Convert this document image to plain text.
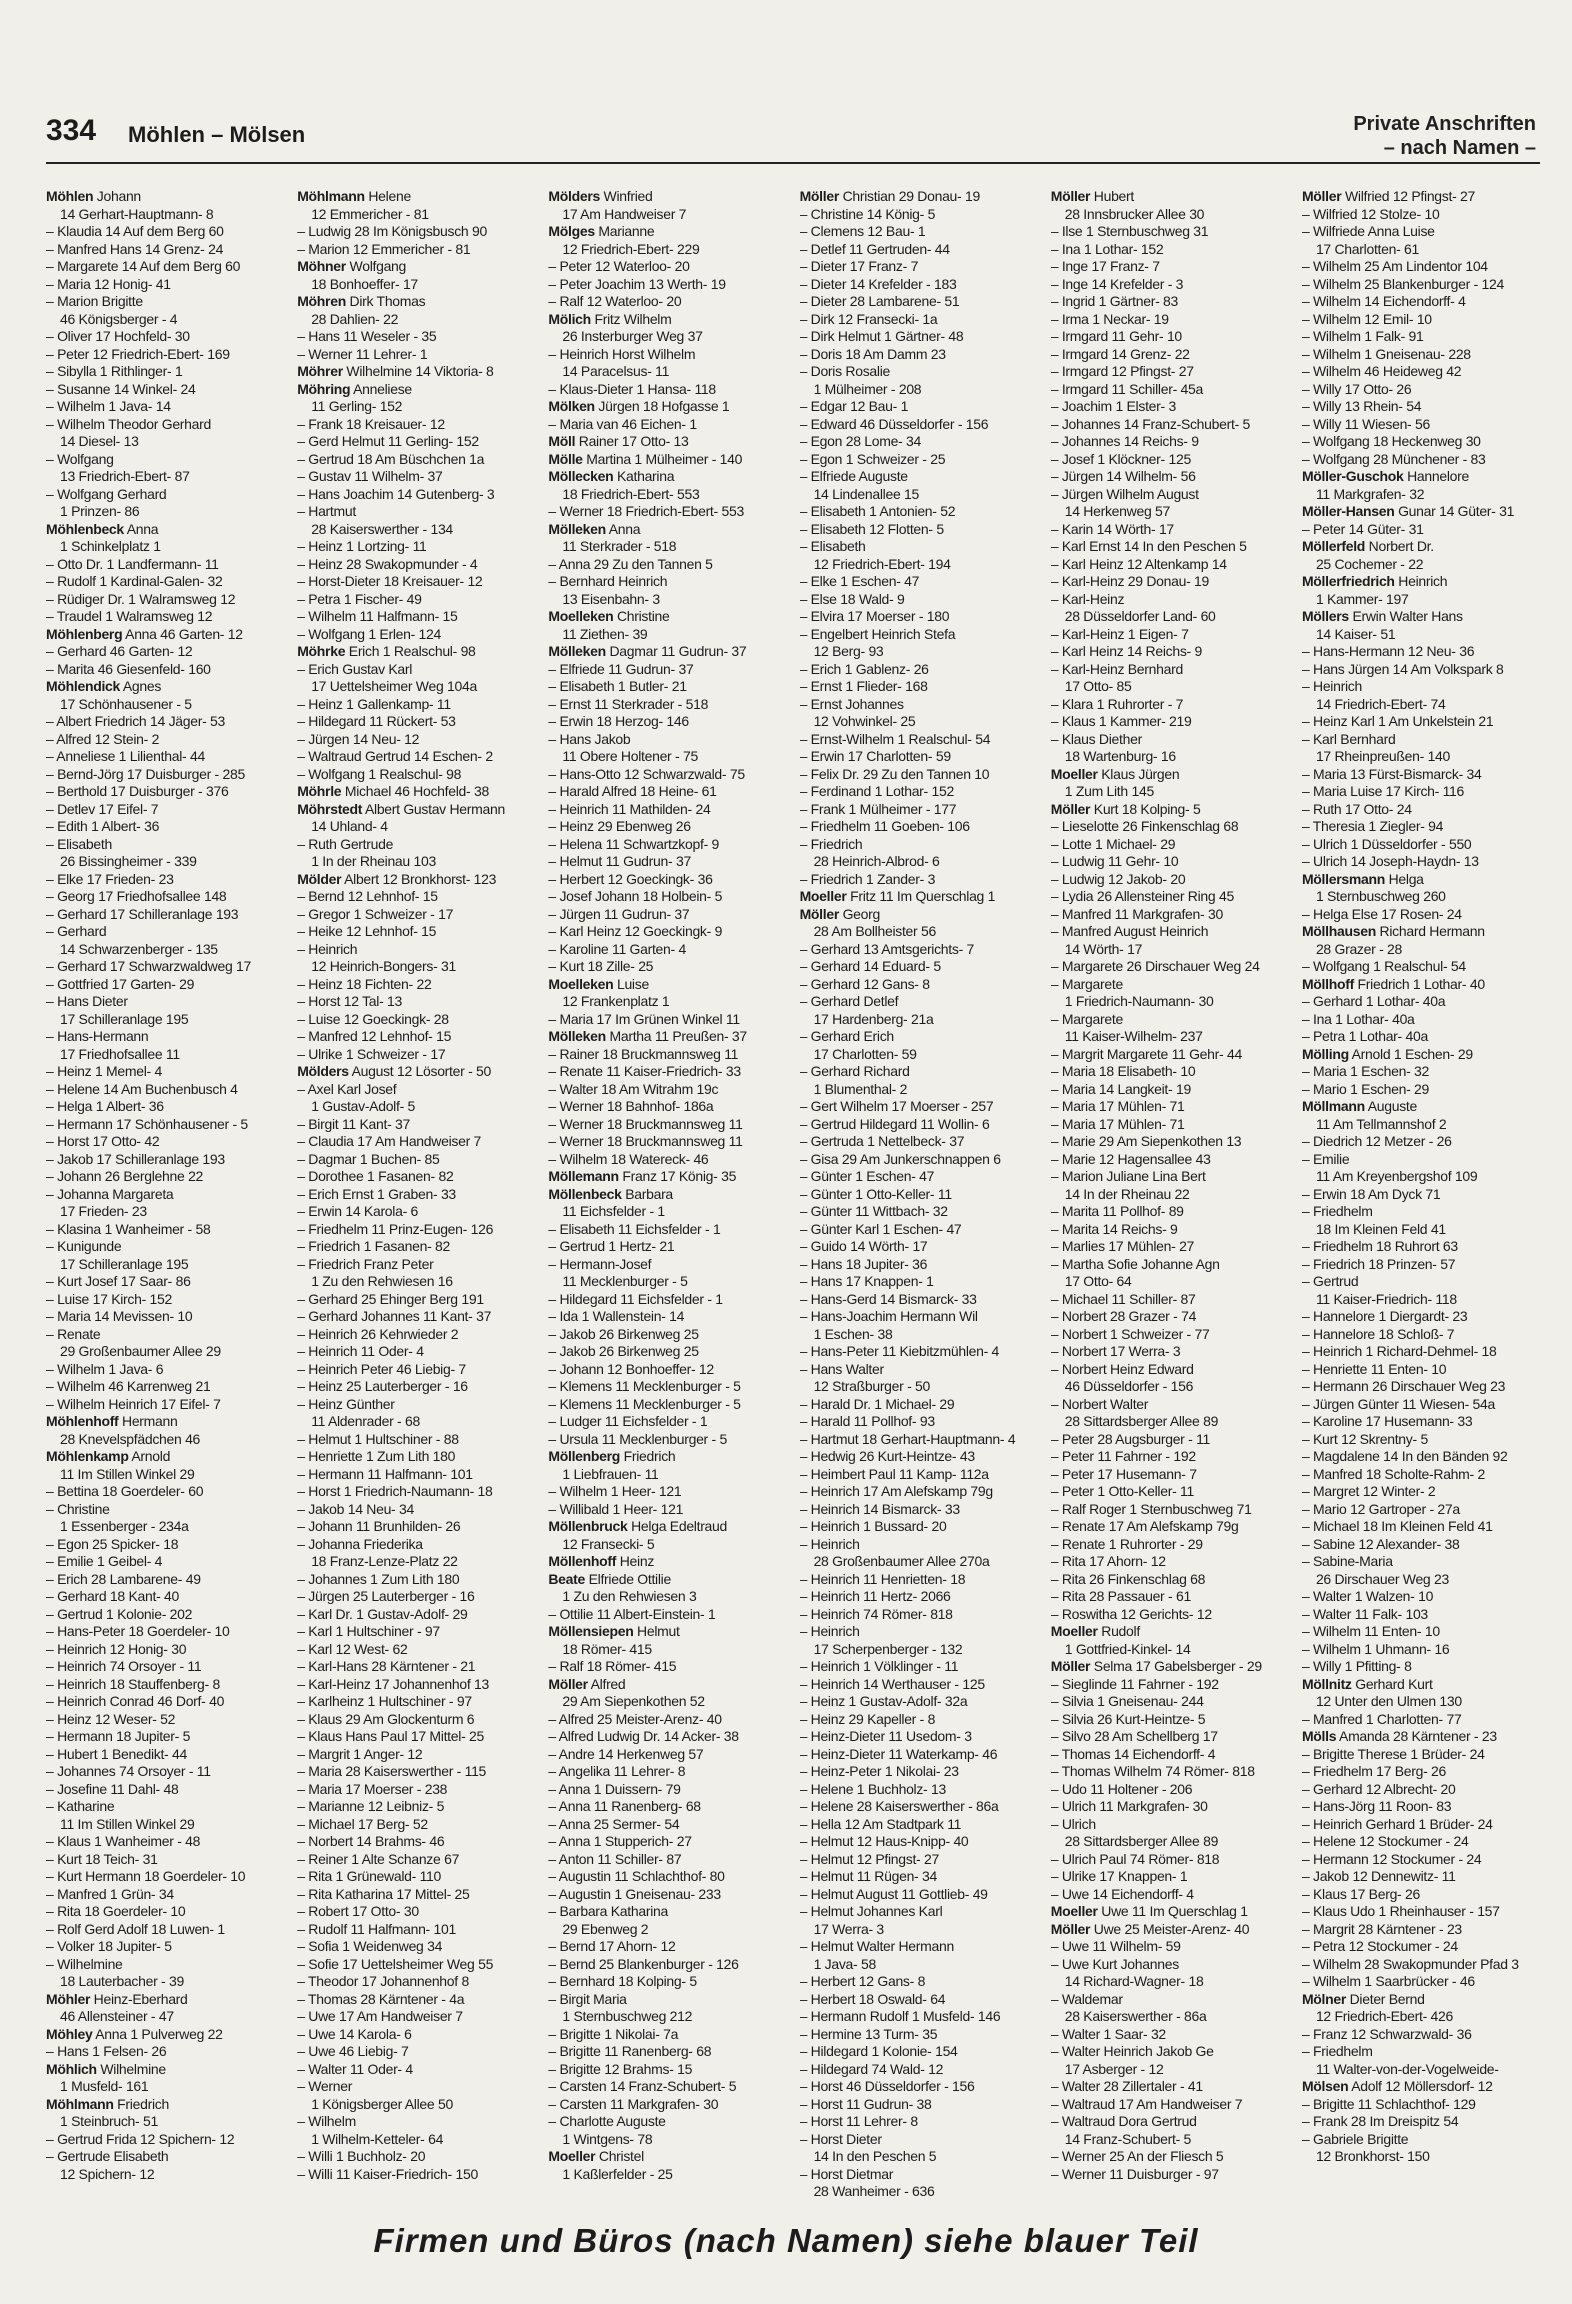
334 Möhlen – Mölsen	Private Anschriften
– nach Namen –
Möhlen Johann
14 Gerhart-Hauptmann- 8
– Klaudia 14 Auf dem Berg 60
– Manfred Hans 14 Grenz- 24
– Margarete 14 Auf dem Berg 60
– Maria 12 Honig- 41
– Marion Brigitte
46 Königsberger - 4
– Oliver 17 Hochfeld- 30
– Peter 12 Friedrich-Ebert- 169
– Sibylla 1 Rithlinger- 1
– Susanne 14 Winkel- 24
– Wilhelm 1 Java- 14
– Wilhelm Theodor Gerhard
14 Diesel- 13
– Wolfgang
13 Friedrich-Ebert- 87
– Wolfgang Gerhard
1 Prinzen- 86
Möhlenbeck Anna
1 Schinkelplatz 1
– Otto Dr. 1 Landfermann- 11
– Rudolf 1 Kardinal-Galen- 32
– Rüdiger Dr. 1 Walramsweg 12
– Traudel 1 Walramsweg 12
Möhlenberg Anna 46 Garten- 12
– Gerhard 46 Garten- 12
– Marita 46 Giesenfeld- 160
Möhlendick Agnes
17 Schönhausener - 5
– Albert Friedrich 14 Jäger- 53
– Alfred 12 Stein- 2
– Anneliese 1 Lilienthal- 44
– Bernd-Jörg 17 Duisburger - 285
– Berthold 17 Duisburger - 376
– Detlev 17 Eifel- 7
– Edith 1 Albert- 36
– Elisabeth
26 Bissingheimer - 339
– Elke 17 Frieden- 23
– Georg 17 Friedhofsallee 148
– Gerhard 17 Schilleranlage 193
– Gerhard
14 Schwarzenberger - 135
– Gerhard 17 Schwarzwaldweg 17
– Gottfried 17 Garten- 29
– Hans Dieter
17 Schilleranlage 195
– Hans-Hermann
17 Friedhofsallee 11
– Heinz 1 Memel- 4
– Helene 14 Am Buchenbusch 4
– Helga 1 Albert- 36
– Hermann 17 Schönhausener - 5
– Horst 17 Otto- 42
– Jakob 17 Schilleranlage 193
– Johann 26 Berglehne 22
– Johanna Margareta
17 Frieden- 23
– Klasina 1 Wanheimer - 58
– Kunigunde
17 Schilleranlage 195
– Kurt Josef 17 Saar- 86
– Luise 17 Kirch- 152
– Maria 14 Mevissen- 10
– Renate
29 Großenbaumer Allee 29
– Wilhelm 1 Java- 6
– Wilhelm 46 Karrenweg 21
– Wilhelm Heinrich 17 Eifel- 7
Möhlenhoff Hermann
28 Knevelspfädchen 46
Möhlenkamp Arnold
11 Im Stillen Winkel 29
– Bettina 18 Goerdeler- 60
– Christine
1 Essenberger - 234a
– Egon 25 Spicker- 18
– Emilie 1 Geibel- 4
– Erich 28 Lambarene- 49
– Gerhard 18 Kant- 40
– Gertrud 1 Kolonie- 202
– Hans-Peter 18 Goerdeler- 10
– Heinrich 12 Honig- 30
– Heinrich 74 Orsoyer - 11
– Heinrich 18 Stauffenberg- 8
– Heinrich Conrad 46 Dorf- 40
– Heinz 12 Weser- 52
– Hermann 18 Jupiter- 5
– Hubert 1 Benedikt- 44
– Johannes 74 Orsoyer - 11
– Josefine 11 Dahl- 48
– Katharine
11 Im Stillen Winkel 29
– Klaus 1 Wanheimer - 48
– Kurt 18 Teich- 31
– Kurt Hermann 18 Goerdeler- 10
– Manfred 1 Grün- 34
– Rita 18 Goerdeler- 10
– Rolf Gerd Adolf 18 Luwen- 1
– Volker 18 Jupiter- 5
– Wilhelmine
18 Lauterbacher - 39
Möhler Heinz-Eberhard
46 Allensteiner - 47
Möhley Anna 1 Pulverweg 22
– Hans 1 Felsen- 26
Möhlich Wilhelmine
1 Musfeld- 161
Möhlmann Friedrich
1 Steinbruch- 51
– Gertrud Frida 12 Spichern- 12
– Gertrude Elisabeth
12 Spichern- 12
Möhlmann Helene
12 Emmericher - 81
– Ludwig 28 Im Königsbusch 90
– Marion 12 Emmericher - 81
Möhner Wolfgang
18 Bonhoeffer- 17
Möhren Dirk Thomas
28 Dahlien- 22
– Hans 11 Weseler - 35
– Werner 11 Lehrer- 1
Möhrer Wilhelmine 14 Viktoria- 8
Möhring Anneliese
11 Gerling- 152
– Frank 18 Kreisauer- 12
– Gerd Helmut 11 Gerling- 152
– Gertrud 18 Am Büschchen 1a
– Gustav 11 Wilhelm- 37
– Hans Joachim 14 Gutenberg- 3
– Hartmut
28 Kaiserswerther - 134
– Heinz 1 Lortzing- 11
– Heinz 28 Swakopmunder - 4
– Horst-Dieter 18 Kreisauer- 12
– Petra 1 Fischer- 49
– Wilhelm 11 Halfmann- 15
– Wolfgang 1 Erlen- 124
Möhrke Erich 1 Realschul- 98
– Erich Gustav Karl
17 Uettelsheimer Weg 104a
– Heinz 1 Gallenkamp- 11
– Hildegard 11 Rückert- 53
– Jürgen 14 Neu- 12
– Waltraud Gertrud 14 Eschen- 2
– Wolfgang 1 Realschul- 98
Möhrle Michael 46 Hochfeld- 38
Möhrstedt Albert Gustav Hermann
14 Uhland- 4
– Ruth Gertrude
1 In der Rheinau 103
Mölder Albert 12 Bronkhorst- 123
– Bernd 12 Lehnhof- 15
– Gregor 1 Schweizer - 17
– Heike 12 Lehnhof- 15
– Heinrich
12 Heinrich-Bongers- 31
– Heinz 18 Fichten- 22
– Horst 12 Tal- 13
– Luise 12 Goeckingk- 28
– Manfred 12 Lehnhof- 15
– Ulrike 1 Schweizer - 17
Mölders August 12 Lösorter - 50
– Axel Karl Josef
1 Gustav-Adolf- 5
– Birgit 11 Kant- 37
– Claudia 17 Am Handweiser 7
– Dagmar 1 Buchen- 85
– Dorothee 1 Fasanen- 82
– Erich Ernst 1 Graben- 33
– Erwin 14 Karola- 6
– Friedhelm 11 Prinz-Eugen- 126
– Friedrich 1 Fasanen- 82
– Friedrich Franz Peter
1 Zu den Rehwiesen 16
– Gerhard 25 Ehinger Berg 191
– Gerhard Johannes 11 Kant- 37
– Heinrich 26 Kehrwieder 2
– Heinrich 11 Oder- 4
– Heinrich Peter 46 Liebig- 7
– Heinz 25 Lauterberger - 16
– Heinz Günther
11 Aldenrader - 68
– Helmut 1 Hultschiner - 88
– Henriette 1 Zum Lith 180
– Hermann 11 Halfmann- 101
– Horst 1 Friedrich-Naumann- 18
– Jakob 14 Neu- 34
– Johann 11 Brunhilden- 26
– Johanna Friederika
18 Franz-Lenze-Platz 22
– Johannes 1 Zum Lith 180
– Jürgen 25 Lauterberger - 16
– Karl Dr. 1 Gustav-Adolf- 29
– Karl 1 Hultschiner - 97
– Karl 12 West- 62
– Karl-Hans 28 Kärntener - 21
– Karl-Heinz 17 Johannenhof 13
– Karlheinz 1 Hultschiner - 97
– Klaus 29 Am Glockenturm 6
– Klaus Hans Paul 17 Mittel- 25
– Margrit 1 Anger- 12
– Maria 28 Kaiserswerther - 115
– Maria 17 Moerser - 238
– Marianne 12 Leibniz- 5
– Michael 17 Berg- 52
– Norbert 14 Brahms- 46
– Reiner 1 Alte Schanze 67
– Rita 1 Grünewald- 110
– Rita Katharina 17 Mittel- 25
– Robert 17 Otto- 30
– Rudolf 11 Halfmann- 101
– Sofia 1 Weidenweg 34
– Sofie 17 Uettelsheimer Weg 55
– Theodor 17 Johannenhof 8
– Thomas 28 Kärntener - 4a
– Uwe 17 Am Handweiser 7
– Uwe 14 Karola- 6
– Uwe 46 Liebig- 7
– Walter 11 Oder- 4
– Werner
1 Königsberger Allee 50
– Wilhelm
1 Wilhelm-Ketteler- 64
– Willi 1 Buchholz- 20
– Willi 11 Kaiser-Friedrich- 150
Mölders Winfried
17 Am Handweiser 7
Mölges Marianne
12 Friedrich-Ebert- 229
– Peter 12 Waterloo- 20
– Peter Joachim 13 Werth- 19
– Ralf 12 Waterloo- 20
Mölich Fritz Wilhelm
26 Insterburger Weg 37
– Heinrich Horst Wilhelm
14 Paracelsus- 11
– Klaus-Dieter 1 Hansa- 118
Mölken Jürgen 18 Hofgasse 1
– Maria van 46 Eichen- 1
Möll Rainer 17 Otto- 13
Mölle Martina 1 Mülheimer - 140
Möllecken Katharina
18 Friedrich-Ebert- 553
– Werner 18 Friedrich-Ebert- 553
Mölleken Anna
11 Sterkrader - 518
– Anna 29 Zu den Tannen 5
– Bernhard Heinrich
13 Eisenbahn- 3
Moelleken Christine
11 Ziethen- 39
Mölleken Dagmar 11 Gudrun- 37
– Elfriede 11 Gudrun- 37
– Elisabeth 1 Butler- 21
– Ernst 11 Sterkrader - 518
– Erwin 18 Herzog- 146
– Hans Jakob
11 Obere Holtener - 75
– Hans-Otto 12 Schwarzwald- 75
– Harald Alfred 18 Heine- 61
– Heinrich 11 Mathilden- 24
– Heinz 29 Ebenweg 26
– Helena 11 Schwartzkopf- 9
– Helmut 11 Gudrun- 37
– Herbert 12 Goeckingk- 36
– Josef Johann 18 Holbein- 5
– Jürgen 11 Gudrun- 37
– Karl Heinz 12 Goeckingk- 9
– Karoline 11 Garten- 4
– Kurt 18 Zille- 25
Moelleken Luise
12 Frankenplatz 1
– Maria 17 Im Grünen Winkel 11
Mölleken Martha 11 Preußen- 37
– Rainer 18 Bruckmannsweg 11
– Renate 11 Kaiser-Friedrich- 33
– Walter 18 Am Witrahm 19c
– Werner 18 Bahnhof- 186a
– Werner 18 Bruckmannsweg 11
– Werner 18 Bruckmannsweg 11
– Wilhelm 18 Watereck- 46
Möllemann Franz 17 König- 35
Möllenbeck Barbara
11 Eichsfelder - 1
– Elisabeth 11 Eichsfelder - 1
– Gertrud 1 Hertz- 21
– Hermann-Josef
11 Mecklenburger - 5
– Hildegard 11 Eichsfelder - 1
– Ida 1 Wallenstein- 14
– Jakob 26 Birkenweg 25
– Jakob 26 Birkenweg 25
– Johann 12 Bonhoeffer- 12
– Klemens 11 Mecklenburger - 5
– Klemens 11 Mecklenburger - 5
– Ludger 11 Eichsfelder - 1
– Ursula 11 Mecklenburger - 5
Möllenberg Friedrich
1 Liebfrauen- 11
– Wilhelm 1 Heer- 121
– Willibald 1 Heer- 121
Möllenbruck Helga Edeltraud
12 Fransecki- 5
Möllenhoff Heinz
Beate Elfriede Ottilie
1 Zu den Rehwiesen 3
– Ottilie 11 Albert-Einstein- 1
Möllensiepen Helmut
18 Römer- 415
– Ralf 18 Römer- 415
Möller Alfred
29 Am Siepenkothen 52
– Alfred 25 Meister-Arenz- 40
– Alfred Ludwig Dr. 14 Acker- 38
– Andre 14 Herkenweg 57
– Angelika 11 Lehrer- 8
– Anna 1 Duissern- 79
– Anna 11 Ranenberg- 68
– Anna 25 Sermer- 54
– Anna 1 Stupperich- 27
– Anton 11 Schiller- 87
– Augustin 11 Schlachthof- 80
– Augustin 1 Gneisenau- 233
– Barbara Katharina
29 Ebenweg 2
– Bernd 17 Ahorn- 12
– Bernd 25 Blankenburger - 126
– Bernhard 18 Kolping- 5
– Birgit Maria
1 Sternbuschweg 212
– Brigitte 1 Nikolai- 7a
– Brigitte 11 Ranenberg- 68
– Brigitte 12 Brahms- 15
– Carsten 14 Franz-Schubert- 5
– Carsten 11 Markgrafen- 30
– Charlotte Auguste
1 Wintgens- 78
Moeller Christel
1 Kaßlerfelder - 25
Möller Christian 29 Donau- 19
– Christine 14 König- 5
– Clemens 12 Bau- 1
– Detlef 11 Gertruden- 44
– Dieter 17 Franz- 7
– Dieter 14 Krefelder - 183
– Dieter 28 Lambarene- 51
– Dirk 12 Fransecki- 1a
– Dirk Helmut 1 Gärtner- 48
– Doris 18 Am Damm 23
– Doris Rosalie
1 Mülheimer - 208
– Edgar 12 Bau- 1
– Edward 46 Düsseldorfer - 156
– Egon 28 Lome- 34
– Egon 1 Schweizer - 25
– Elfriede Auguste
14 Lindenallee 15
– Elisabeth 1 Antonien- 52
– Elisabeth 12 Flotten- 5
– Elisabeth
12 Friedrich-Ebert- 194
– Elke 1 Eschen- 47
– Else 18 Wald- 9
– Elvira 17 Moerser - 180
– Engelbert Heinrich Stefa
12 Berg- 93
– Erich 1 Gablenz- 26
– Ernst 1 Flieder- 168
– Ernst Johannes
12 Vohwinkel- 25
– Ernst-Wilhelm 1 Realschul- 54
– Erwin 17 Charlotten- 59
– Felix Dr. 29 Zu den Tannen 10
– Ferdinand 1 Lothar- 152
– Frank 1 Mülheimer - 177
– Friedhelm 11 Goeben- 106
– Friedrich
28 Heinrich-Albrod- 6
– Friedrich 1 Zander- 3
Moeller Fritz 11 Im Querschlag 1
Möller Georg
28 Am Bollheister 56
– Gerhard 13 Amtsgerichts- 7
– Gerhard 14 Eduard- 5
– Gerhard 12 Gans- 8
– Gerhard Detlef
17 Hardenberg- 21a
– Gerhard Erich
17 Charlotten- 59
– Gerhard Richard
1 Blumenthal- 2
– Gert Wilhelm 17 Moerser - 257
– Gertrud Hildegard 11 Wollin- 6
– Gertruda 1 Nettelbeck- 37
– Gisa 29 Am Junkerschnappen 6
– Günter 1 Eschen- 47
– Günter 1 Otto-Keller- 11
– Günter 11 Wittbach- 32
– Günter Karl 1 Eschen- 47
– Guido 14 Wörth- 17
– Hans 18 Jupiter- 36
– Hans 17 Knappen- 1
– Hans-Gerd 14 Bismarck- 33
– Hans-Joachim Hermann Wil
1 Eschen- 38
– Hans-Peter 11 Kiebitzmühlen- 4
– Hans Walter
12 Straßburger - 50
– Harald Dr. 1 Michael- 29
– Harald 11 Pollhof- 93
– Hartmut 18 Gerhart-Hauptmann- 4
– Hedwig 26 Kurt-Heintze- 43
– Heimbert Paul 11 Kamp- 112a
– Heinrich 17 Am Alefskamp 79g
– Heinrich 14 Bismarck- 33
– Heinrich 1 Bussard- 20
– Heinrich
28 Großenbaumer Allee 270a
– Heinrich 11 Henrietten- 18
– Heinrich 11 Hertz- 2066
– Heinrich 74 Römer- 818
– Heinrich
17 Scherpenberger - 132
– Heinrich 1 Völklinger - 11
– Heinrich 14 Werthauser - 125
– Heinz 1 Gustav-Adolf- 32a
– Heinz 29 Kapeller - 8
– Heinz-Dieter 11 Usedom- 3
– Heinz-Dieter 11 Waterkamp- 46
– Heinz-Peter 1 Nikolai- 23
– Helene 1 Buchholz- 13
– Helene 28 Kaiserswerther - 86a
– Hella 12 Am Stadtpark 11
– Helmut 12 Haus-Knipp- 40
– Helmut 12 Pfingst- 27
– Helmut 11 Rügen- 34
– Helmut August 11 Gottlieb- 49
– Helmut Johannes Karl
17 Werra- 3
– Helmut Walter Hermann
1 Java- 58
– Herbert 12 Gans- 8
– Herbert 18 Oswald- 64
– Hermann Rudolf 1 Musfeld- 146
– Hermine 13 Turm- 35
– Hildegard 1 Kolonie- 154
– Hildegard 74 Wald- 12
– Horst 46 Düsseldorfer - 156
– Horst 11 Gudrun- 38
– Horst 11 Lehrer- 8
– Horst Dieter
14 In den Peschen 5
– Horst Dietmar
28 Wanheimer - 636
Möller Hubert
28 Innsbrucker Allee 30
– Ilse 1 Sternbuschweg 31
– Ina 1 Lothar- 152
– Inge 17 Franz- 7
– Inge 14 Krefelder - 3
– Ingrid 1 Gärtner- 83
– Irma 1 Neckar- 19
– Irmgard 11 Gehr- 10
– Irmgard 14 Grenz- 22
– Irmgard 12 Pfingst- 27
– Irmgard 11 Schiller- 45a
– Joachim 1 Elster- 3
– Johannes 14 Franz-Schubert- 5
– Johannes 14 Reichs- 9
– Josef 1 Klöckner- 125
– Jürgen 14 Wilhelm- 56
– Jürgen Wilhelm August
14 Herkenweg 57
– Karin 14 Wörth- 17
– Karl Ernst 14 In den Peschen 5
– Karl Heinz 12 Altenkamp 14
– Karl-Heinz 29 Donau- 19
– Karl-Heinz
28 Düsseldorfer Land- 60
– Karl-Heinz 1 Eigen- 7
– Karl Heinz 14 Reichs- 9
– Karl-Heinz Bernhard
17 Otto- 85
– Klara 1 Ruhrorter - 7
– Klaus 1 Kammer- 219
– Klaus Diether
18 Wartenburg- 16
Moeller Klaus Jürgen
1 Zum Lith 145
Möller Kurt 18 Kolping- 5
– Lieselotte 26 Finkenschlag 68
– Lotte 1 Michael- 29
– Ludwig 11 Gehr- 10
– Ludwig 12 Jakob- 20
– Lydia 26 Allensteiner Ring 45
– Manfred 11 Markgrafen- 30
– Manfred August Heinrich
14 Wörth- 17
– Margarete 26 Dirschauer Weg 24
– Margarete
1 Friedrich-Naumann- 30
– Margarete
11 Kaiser-Wilhelm- 237
– Margrit Margarete 11 Gehr- 44
– Maria 18 Elisabeth- 10
– Maria 14 Langkeit- 19
– Maria 17 Mühlen- 71
– Maria 17 Mühlen- 71
– Marie 29 Am Siepenkothen 13
– Marie 12 Hagensallee 43
– Marion Juliane Lina Bert
14 In der Rheinau 22
– Marita 11 Pollhof- 89
– Marita 14 Reichs- 9
– Marlies 17 Mühlen- 27
– Martha Sofie Johanne Agn
17 Otto- 64
– Michael 11 Schiller- 87
– Norbert 28 Grazer - 74
– Norbert 1 Schweizer - 77
– Norbert 17 Werra- 3
– Norbert Heinz Edward
46 Düsseldorfer - 156
– Norbert Walter
28 Sittardsberger Allee 89
– Peter 28 Augsburger - 11
– Peter 11 Fahrner - 192
– Peter 17 Husemann- 7
– Peter 1 Otto-Keller- 11
– Ralf Roger 1 Sternbuschweg 71
– Renate 17 Am Alefskamp 79g
– Renate 1 Ruhrorter - 29
– Rita 17 Ahorn- 12
– Rita 26 Finkenschlag 68
– Rita 28 Passauer - 61
– Roswitha 12 Gerichts- 12
Moeller Rudolf
1 Gottfried-Kinkel- 14
Möller Selma 17 Gabelsberger - 29
– Sieglinde 11 Fahrner - 192
– Silvia 1 Gneisenau- 244
– Silvia 26 Kurt-Heintze- 5
– Silvo 28 Am Schellberg 17
– Thomas 14 Eichendorff- 4
– Thomas Wilhelm 74 Römer- 818
– Udo 11 Holtener - 206
– Ulrich 11 Markgrafen- 30
– Ulrich
28 Sittardsberger Allee 89
– Ulrich Paul 74 Römer- 818
– Ulrike 17 Knappen- 1
– Uwe 14 Eichendorff- 4
Moeller Uwe 11 Im Querschlag 1
Möller Uwe 25 Meister-Arenz- 40
– Uwe 11 Wilhelm- 59
– Uwe Kurt Johannes
14 Richard-Wagner- 18
– Waldemar
28 Kaiserswerther - 86a
– Walter 1 Saar- 32
– Walter Heinrich Jakob Ge
17 Asberger - 12
– Walter 28 Zillertaler - 41
– Waltraud 17 Am Handweiser 7
– Waltraud Dora Gertrud
14 Franz-Schubert- 5
– Werner 25 An der Fliesch 5
– Werner 11 Duisburger - 97
Möller Wilfried 12 Pfingst- 27
– Wilfried 12 Stolze- 10
– Wilfriede Anna Luise
17 Charlotten- 61
– Wilhelm 25 Am Lindentor 104
– Wilhelm 25 Blankenburger - 124
– Wilhelm 14 Eichendorff- 4
– Wilhelm 12 Emil- 10
– Wilhelm 1 Falk- 91
– Wilhelm 1 Gneisenau- 228
– Wilhelm 46 Heideweg 42
– Willy 17 Otto- 26
– Willy 13 Rhein- 54
– Willy 11 Wiesen- 56
– Wolfgang 18 Heckenweg 30
– Wolfgang 28 Münchener - 83
Möller-Guschok Hannelore
11 Markgrafen- 32
Möller-Hansen Gunar 14 Güter- 31
– Peter 14 Güter- 31
Möllerfeld Norbert Dr.
25 Cochemer - 22
Möllerfriedrich Heinrich
1 Kammer- 197
Möllers Erwin Walter Hans
14 Kaiser- 51
– Hans-Hermann 12 Neu- 36
– Hans Jürgen 14 Am Volkspark 8
– Heinrich
14 Friedrich-Ebert- 74
– Heinz Karl 1 Am Unkelstein 21
– Karl Bernhard
17 Rheinpreußen- 140
– Maria 13 Fürst-Bismarck- 34
– Maria Luise 17 Kirch- 116
– Ruth 17 Otto- 24
– Theresia 1 Ziegler- 94
– Ulrich 1 Düsseldorfer - 550
– Ulrich 14 Joseph-Haydn- 13
Möllersmann Helga
1 Sternbuschweg 260
– Helga Else 17 Rosen- 24
Möllhausen Richard Hermann
28 Grazer - 28
– Wolfgang 1 Realschul- 54
Möllhoff Friedrich 1 Lothar- 40
– Gerhard 1 Lothar- 40a
– Ina 1 Lothar- 40a
– Petra 1 Lothar- 40a
Mölling Arnold 1 Eschen- 29
– Maria 1 Eschen- 32
– Mario 1 Eschen- 29
Möllmann Auguste
11 Am Tellmannshof 2
– Diedrich 12 Metzer - 26
– Emilie
11 Am Kreyenbergshof 109
– Erwin 18 Am Dyck 71
– Friedhelm
18 Im Kleinen Feld 41
– Friedhelm 18 Ruhrort 63
– Friedrich 18 Prinzen- 57
– Gertrud
11 Kaiser-Friedrich- 118
– Hannelore 1 Diergardt- 23
– Hannelore 18 Schloß- 7
– Heinrich 1 Richard-Dehmel- 18
– Henriette 11 Enten- 10
– Hermann 26 Dirschauer Weg 23
– Jürgen Günter 11 Wiesen- 54a
– Karoline 17 Husemann- 33
– Kurt 12 Skrentny- 5
– Magdalene 14 In den Bänden 92
– Manfred 18 Scholte-Rahm- 2
– Margret 12 Winter- 2
– Mario 12 Gartroper - 27a
– Michael 18 Im Kleinen Feld 41
– Sabine 12 Alexander- 38
– Sabine-Maria
26 Dirschauer Weg 23
– Walter 1 Walzen- 10
– Walter 11 Falk- 103
– Wilhelm 11 Enten- 10
– Wilhelm 1 Uhmann- 16
– Willy 1 Pfitting- 8
Möllnitz Gerhard Kurt
12 Unter den Ulmen 130
– Manfred 1 Charlotten- 77
Mölls Amanda 28 Kärntener - 23
– Brigitte Therese 1 Brüder- 24
– Friedhelm 17 Berg- 26
– Gerhard 12 Albrecht- 20
– Hans-Jörg 11 Roon- 83
– Heinrich Gerhard 1 Brüder- 24
– Helene 12 Stockumer - 24
– Hermann 12 Stockumer - 24
– Jakob 12 Dennewitz- 11
– Klaus 17 Berg- 26
– Klaus Udo 1 Rheinhauser - 157
– Margrit 28 Kärntener - 23
– Petra 12 Stockumer - 24
– Wilhelm 28 Swakopmunder Pfad 3
– Wilhelm 1 Saarbrücker - 46
Mölner Dieter Bernd
12 Friedrich-Ebert- 426
– Franz 12 Schwarzwald- 36
– Friedhelm
11 Walter-von-der-Vogelweide-
Mölsen Adolf 12 Möllersdorf- 12
– Brigitte 11 Schlachthof- 129
– Frank 28 Im Dreispitz 54
– Gabriele Brigitte
12 Bronkhorst- 150
Firmen und Büros (nach Namen) siehe blauer Teil
